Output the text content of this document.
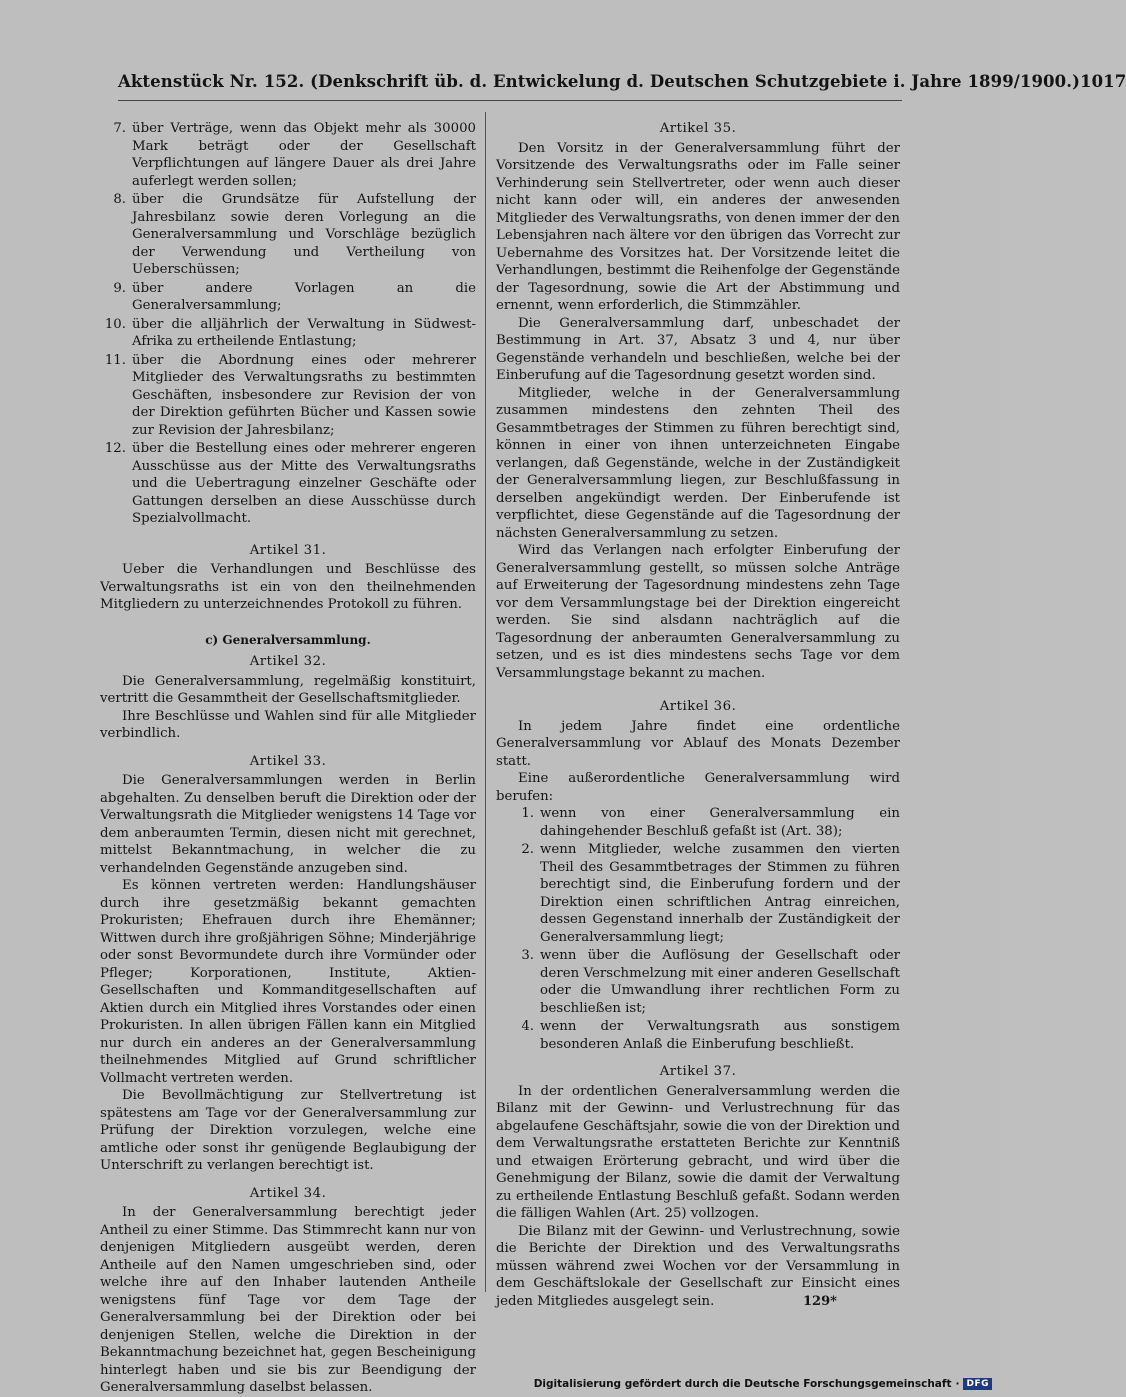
Aktenstück Nr. 152. (Denkschrift üb. d. Entwickelung d. Deutschen Schutzgebiete i. Jahre 1899/1900.) 1017
7. über Verträge, wenn das Objekt mehr als 30000 Mark beträgt oder der Gesellschaft Verpflichtungen auf längere Dauer als drei Jahre auferlegt werden sollen;
8. über die Grundsätze für Aufstellung der Jahresbilanz sowie deren Vorlegung an die Generalversammlung und Vorschläge bezüglich der Verwendung und Vertheilung von Ueberschüssen;
9. über andere Vorlagen an die Generalversammlung;
10. über die alljährlich der Verwaltung in Südwest-Afrika zu ertheilende Entlastung;
11. über die Abordnung eines oder mehrerer Mitglieder des Verwaltungsraths zu bestimmten Geschäften, insbesondere zur Revision der von der Direktion geführten Bücher und Kassen sowie zur Revision der Jahresbilanz;
12. über die Bestellung eines oder mehrerer engeren Ausschüsse aus der Mitte des Verwaltungsraths und die Uebertragung einzelner Geschäfte oder Gattungen derselben an diese Ausschüsse durch Spezialvollmacht.
Artikel 31.

Ueber die Verhandlungen und Beschlüsse des Verwaltungsraths ist ein von den theilnehmenden Mitgliedern zu unterzeichnendes Protokoll zu führen.

c) Generalversammlung.
Artikel 32.

Die Generalversammlung, regelmäßig konstituirt, vertritt die Gesammtheit der Gesellschaftsmitglieder.

Ihre Beschlüsse und Wahlen sind für alle Mitglieder verbindlich.

Artikel 33.

Die Generalversammlungen werden in Berlin abgehalten. Zu denselben beruft die Direktion oder der Verwaltungsrath die Mitglieder wenigstens 14 Tage vor dem anberaumten Termin, diesen nicht mit gerechnet, mittelst Bekanntmachung, in welcher die zu verhandelnden Gegenstände anzugeben sind.

Es können vertreten werden: Handlungshäuser durch ihre gesetzmäßig bekannt gemachten Prokuristen; Ehefrauen durch ihre Ehemänner; Wittwen durch ihre großjährigen Söhne; Minderjährige oder sonst Bevormundete durch ihre Vormünder oder Pfleger; Korporationen, Institute, Aktien-Gesellschaften und Kommanditgesellschaften auf Aktien durch ein Mitglied ihres Vorstandes oder einen Prokuristen. In allen übrigen Fällen kann ein Mitglied nur durch ein anderes an der Generalversammlung theilnehmendes Mitglied auf Grund schriftlicher Vollmacht vertreten werden.

Die Bevollmächtigung zur Stellvertretung ist spätestens am Tage vor der Generalversammlung zur Prüfung der Direktion vorzulegen, welche eine amtliche oder sonst ihr genügende Beglaubigung der Unterschrift zu verlangen berechtigt ist.

Artikel 34.

In der Generalversammlung berechtigt jeder Antheil zu einer Stimme. Das Stimmrecht kann nur von denjenigen Mitgliedern ausgeübt werden, deren Antheile auf den Namen umgeschrieben sind, oder welche ihre auf den Inhaber lautenden Antheile wenigstens fünf Tage vor dem Tage der Generalversammlung bei der Direktion oder bei denjenigen Stellen, welche die Direktion in der Bekanntmachung bezeichnet hat, gegen Bescheinigung hinterlegt haben und sie bis zur Beendigung der Generalversammlung daselbst belassen.

Artikel 35.

Den Vorsitz in der Generalversammlung führt der Vorsitzende des Verwaltungsraths oder im Falle seiner Verhinderung sein Stellvertreter, oder wenn auch dieser nicht kann oder will, ein anderes der anwesenden Mitglieder des Verwaltungsraths, von denen immer der den Lebensjahren nach ältere vor den übrigen das Vorrecht zur Uebernahme des Vorsitzes hat. Der Vorsitzende leitet die Verhandlungen, bestimmt die Reihenfolge der Gegenstände der Tagesordnung, sowie die Art der Abstimmung und ernennt, wenn erforderlich, die Stimmzähler.

Die Generalversammlung darf, unbeschadet der Bestimmung in Art. 37, Absatz 3 und 4, nur über Gegenstände verhandeln und beschließen, welche bei der Einberufung auf die Tagesordnung gesetzt worden sind.

Mitglieder, welche in der Generalversammlung zusammen mindestens den zehnten Theil des Gesammtbetrages der Stimmen zu führen berechtigt sind, können in einer von ihnen unterzeichneten Eingabe verlangen, daß Gegenstände, welche in der Zuständigkeit der Generalversammlung liegen, zur Beschlußfassung in derselben angekündigt werden. Der Einberufende ist verpflichtet, diese Gegenstände auf die Tagesordnung der nächsten Generalversammlung zu setzen.

Wird das Verlangen nach erfolgter Einberufung der Generalversammlung gestellt, so müssen solche Anträge auf Erweiterung der Tagesordnung mindestens zehn Tage vor dem Versammlungstage bei der Direktion eingereicht werden. Sie sind alsdann nachträglich auf die Tagesordnung der anberaumten Generalversammlung zu setzen, und es ist dies mindestens sechs Tage vor dem Versammlungstage bekannt zu machen.

Artikel 36.

In jedem Jahre findet eine ordentliche Generalversammlung vor Ablauf des Monats Dezember statt.

Eine außerordentliche Generalversammlung wird berufen:

1. wenn von einer Generalversammlung ein dahingehender Beschluß gefaßt ist (Art. 38);
2. wenn Mitglieder, welche zusammen den vierten Theil des Gesammtbetrages der Stimmen zu führen berechtigt sind, die Einberufung fordern und der Direktion einen schriftlichen Antrag einreichen, dessen Gegenstand innerhalb der Zuständigkeit der Generalversammlung liegt;
3. wenn über die Auflösung der Gesellschaft oder deren Verschmelzung mit einer anderen Gesellschaft oder die Umwandlung ihrer rechtlichen Form zu beschließen ist;
4. wenn der Verwaltungsrath aus sonstigem besonderen Anlaß die Einberufung beschließt.
Artikel 37.

In der ordentlichen Generalversammlung werden die Bilanz mit der Gewinn- und Verlustrechnung für das abgelaufene Geschäftsjahr, sowie die von der Direktion und dem Verwaltungsrathe erstatteten Berichte zur Kenntniß und etwaigen Erörterung gebracht, und wird über die Genehmigung der Bilanz, sowie die damit der Verwaltung zu ertheilende Entlastung Beschluß gefaßt. Sodann werden die fälligen Wahlen (Art. 25) vollzogen.

Die Bilanz mit der Gewinn- und Verlustrechnung, sowie die Berichte der Direktion und des Verwaltungsraths müssen während zwei Wochen vor der Versammlung in dem Geschäftslokale der Gesellschaft zur Einsicht eines jeden Mitgliedes ausgelegt sein.	129*
Digitalisierung gefördert durch die Deutsche Forschungsgemeinschaft · DFG
